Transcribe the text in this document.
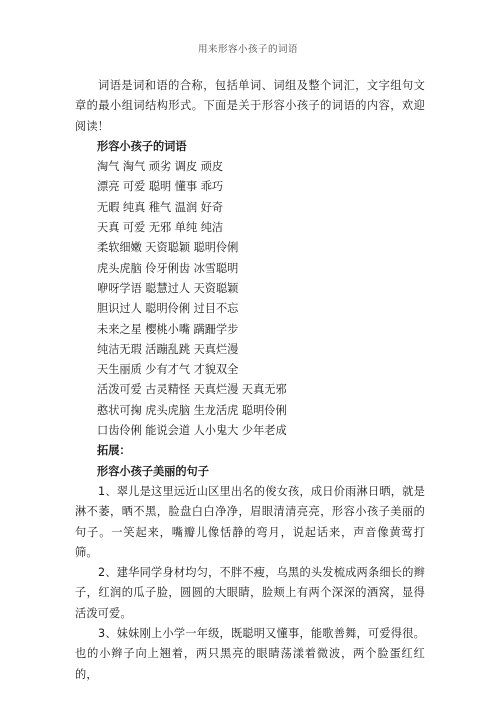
用来形容小孩子的词语

词语是词和语的合称，包括单词、词组及整个词汇，文字组句文章的最小组词结构形式。下面是关于形容小孩子的词语的内容，欢迎阅读！

形容小孩子的词语

淘气 淘气 顽劣 调皮 顽皮

漂亮 可爱 聪明 懂事 乖巧

无暇 纯真 稚气 温润 好奇

天真 可爱 无邪 单纯 纯洁

柔软细嫩 天资聪颖 聪明伶俐

虎头虎脑 伶牙俐齿 冰雪聪明

咿呀学语 聪慧过人 天资聪颖

胆识过人 聪明伶俐 过目不忘

未来之星 樱桃小嘴 蹒跚学步

纯洁无瑕 活蹦乱跳 天真烂漫

天生丽质 少有才气 才貌双全

活泼可爱 古灵精怪 天真烂漫 天真无邪

憨状可掬 虎头虎脑 生龙活虎 聪明伶俐

口齿伶俐 能说会道 人小鬼大 少年老成

拓展：

形容小孩子美丽的句子

1、翠儿是这里远近山区里出名的俊女孩，成日价雨淋日晒，就是淋不萎，晒不黑，脸盘白白净净，眉眼清清亮亮，形容小孩子美丽的句子。一笑起来，嘴瓣儿像恬静的弯月，说起话来，声音像黄莺打筛。

2、建华同学身材均匀，不胖不瘦，乌黑的头发梳成两条细长的辫子，红润的瓜子脸，圆圆的大眼睛，脸颊上有两个深深的酒窝，显得活泼可爱。

3、妹妹刚上小学一年级，既聪明又懂事，能歌善舞，可爱得很。也的小辫子向上翘着，两只黑亮的眼睛荡漾着微波，两个脸蛋红红的，
